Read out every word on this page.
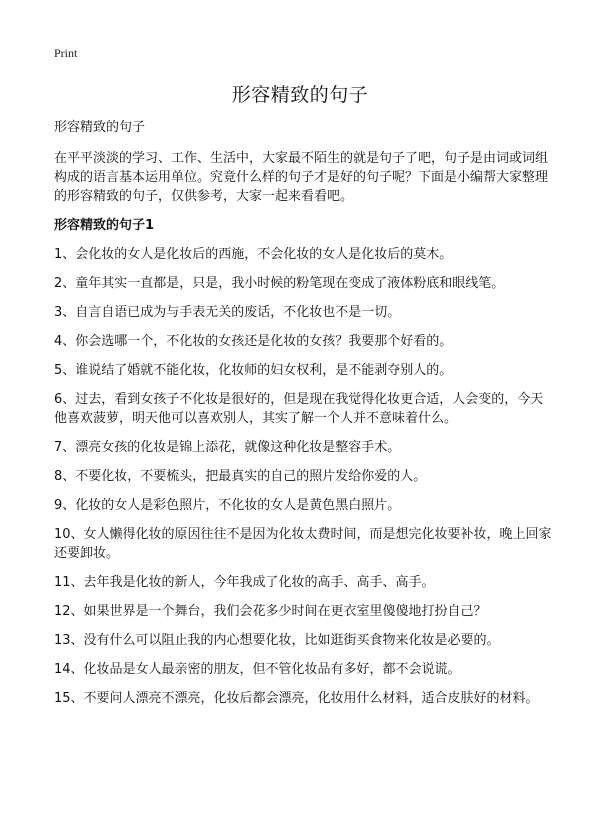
Print
形容精致的句子

形容精致的句子

在平平淡淡的学习、工作、生活中，大家最不陌生的就是句子了吧，句子是由词或词组构成的语言基本运用单位。究竟什么样的句子才是好的句子呢？下面是小编帮大家整理的形容精致的句子，仅供参考，大家一起来看看吧。

形容精致的句子1

1、会化妆的女人是化妆后的西施，不会化妆的女人是化妆后的莫木。

2、童年其实一直都是，只是，我小时候的粉笔现在变成了液体粉底和眼线笔。

3、自言自语已成为与手表无关的废话，不化妆也不是一切。

4、你会选哪一个，不化妆的女孩还是化妆的女孩？我要那个好看的。

5、谁说结了婚就不能化妆，化妆师的妇女权利，是不能剥夺别人的。

6、过去，看到女孩子不化妆是很好的，但是现在我觉得化妆更合适，人会变的，今天他喜欢菠萝，明天他可以喜欢别人，其实了解一个人并不意味着什么。

7、漂亮女孩的化妆是锦上添花，就像这种化妆是整容手术。

8、不要化妆，不要梳头，把最真实的自己的照片发给你爱的人。

9、化妆的女人是彩色照片，不化妆的女人是黄色黑白照片。

10、女人懒得化妆的原因往往不是因为化妆太费时间，而是想完化妆要补妆，晚上回家还要卸妆。

11、去年我是化妆的新人，今年我成了化妆的高手、高手、高手。

12、如果世界是一个舞台，我们会花多少时间在更衣室里傻傻地打扮自己？

13、没有什么可以阻止我的内心想要化妆，比如逛街买食物来化妆是必要的。

14、化妆品是女人最亲密的朋友，但不管化妆品有多好，都不会说谎。

15、不要问人漂亮不漂亮，化妆后都会漂亮，化妆用什么材料，适合皮肤好的材料。
